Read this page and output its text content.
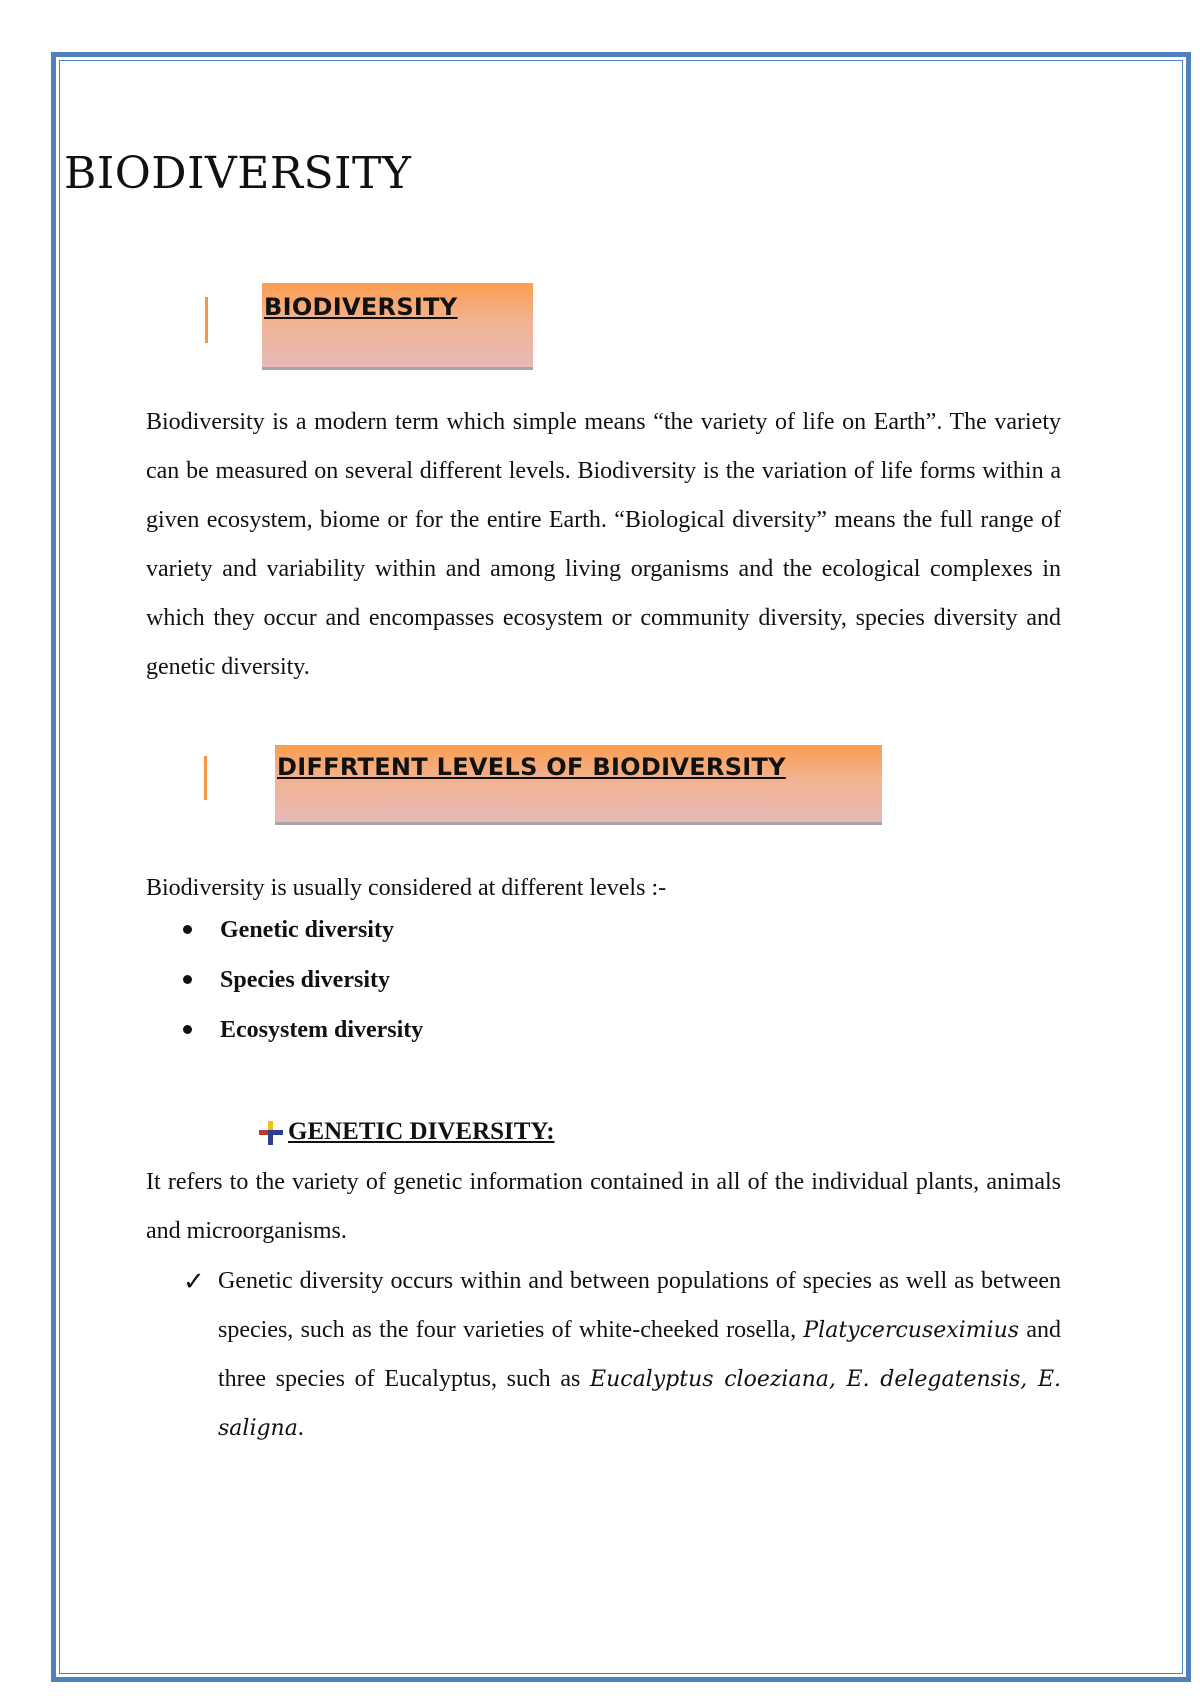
BIODIVERSITY
BIODIVERSITY

Biodiversity is a modern term which simple means “the variety of life on Earth”. The variety can be measured on several different levels. Biodiversity is the variation of life forms within a given ecosystem, biome or for the entire Earth. “Biological diversity” means the full range of variety and variability within and among living organisms and the ecological complexes in which they occur and encompasses ecosystem or community diversity, species diversity and genetic diversity.

DIFFRTENT LEVELS OF BIODIVERSITY

Biodiversity is usually considered at different levels :-

Genetic diversity
Species diversity
Ecosystem diversity
GENETIC DIVERSITY:

It refers to the variety of genetic information contained in all of the individual plants, animals and microorganisms.

✓ Genetic diversity occurs within and between populations of species as well as between species, such as the four varieties of white-cheeked rosella, Platycercuseximius and three species of Eucalyptus, such as Eucalyptus cloeziana, E. delegatensis, E. saligna.
